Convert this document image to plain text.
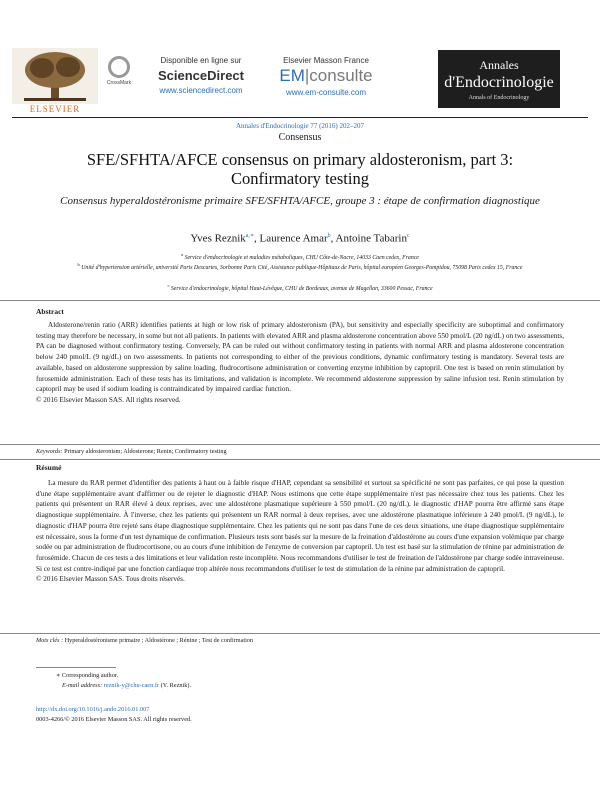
ELSEVIER
CrossMark
Disponible en ligne sur
ScienceDirect
www.sciencedirect.com
Elsevier Masson France
EM|consulte
www.em-consulte.com
Annales
d'Endocrinologie
Annals of Endocrinology
Annales d'Endocrinologie 77 (2016) 202–207
Consensus
SFE/SFHTA/AFCE consensus on primary aldosteronism, part 3: Confirmatory testing
Consensus hyperaldostéronisme primaire SFE/SFHTA/AFCE, groupe 3 : étape de confirmation diagnostique
Yves Reznik$^{a,∗}$, Laurence Amar$^b$, Antoine Tabarin$^c$
$^a$ Service d'endocrinologie et maladies métaboliques, CHU Côte-de-Nacre, 14033 Caen cedex, France
$^b$ Unité d'hypertension artérielle, université Paris Descartes, Sorbonne Paris Cité, Assistance publique-Hôpitaux de Paris, hôpital européen Georges-Pompidou, 75098 Paris cedex 15, France
$^c$ Service d'endocrinologie, hôpital Haut-Lévêque, CHU de Bordeaux, avenue de Magellan, 33600 Pessac, France
Abstract

Aldosterone/renin ratio (ARR) identifies patients at high or low risk of primary aldosteronism (PA), but sensitivity and especially specificity are suboptimal and confirmatory testing may therefore be necessary, in some but not all patients. In patients with elevated ARR and plasma aldosterone concentration above 550 pmol/L (20 ng/dL) on two assessments, PA can be diagnosed without confirmatory testing. Conversely, PA can be ruled out without confirmatory testing in patients with normal ARR and plasma aldosterone concentration below 240 pmol/L (9 ng/dL) on two assessments. In patients not corresponding to either of the previous conditions, dynamic confirmatory testing is mandatory. Several tests are available, based on aldosterone suppression by saline loading, fludrocortisone administration or converting enzyme inhibition by captopril. One test is based on renin stimulation by furosemide administration. Each of these tests has its limitations, and validation is incomplete. We recommend aldosterone suppression by saline infusion test. Renin stimulation by captopril may be used if sodium loading is contraindicated by impaired cardiac function.

© 2016 Elsevier Masson SAS. All rights reserved.
Keywords: Primary aldosteronism; Aldosterone; Renin; Confirmatory testing
Résumé

La mesure du RAR permet d'identifier des patients à haut ou à faible risque d'HAP, cependant sa sensibilité et surtout sa spécificité ne sont pas parfaites, ce qui pose la question d'une étape supplémentaire avant d'affirmer ou de rejeter le diagnostic d'HAP. Nous estimons que cette étape supplémentaire n'est pas nécessaire chez tous les patients. Chez les patients qui présentent un RAR élevé à deux reprises, avec une aldostérone plasmatique supérieure à 550 pmol/L (20 ng/dL), le diagnostic d'HAP pourra être affirmé sans étape diagnostique supplémentaire. À l'inverse, chez les patients qui présentent un RAR normal à deux reprises, avec une aldostérone plasmatique inférieure à 240 pmol/L (9 ng/dL), le diagnostic d'HAP pourra être rejeté sans étape diagnostique supplémentaire. Chez les patients qui ne sont pas dans l'une de ces deux situations, une étape diagnostique supplémentaire est nécessaire, sous la forme d'un test dynamique de confirmation. Plusieurs tests sont basés sur la mesure de la freination d'aldostérone au cours d'une expansion volémique par charge sodée ou par administration de fludrocortisone, ou au cours d'une inhibition de l'enzyme de conversion par captopril. Un test est basé sur la stimulation de rénine par administration de furosémide. Chacun de ces tests a des limitations et leur validation reste incomplète. Nous recommandons d'utiliser le test de freination de l'aldostérone par charge sodée intraveineuse. Si ce test est contre-indiqué par une fonction cardiaque trop altérée nous recommandons d'utiliser le test de stimulation de la rénine par administration de captopril.

© 2016 Elsevier Masson SAS. Tous droits réservés.
Mots clés : Hyperaldostéronisme primaire ; Aldostérone ; Rénine ; Test de confirmation
∗ Corresponding author.
E-mail address: reznik-y@chu-caen.fr (Y. Reznik).
http://dx.doi.org/10.1016/j.ando.2016.01.007
0003-4266/© 2016 Elsevier Masson SAS. All rights reserved.
